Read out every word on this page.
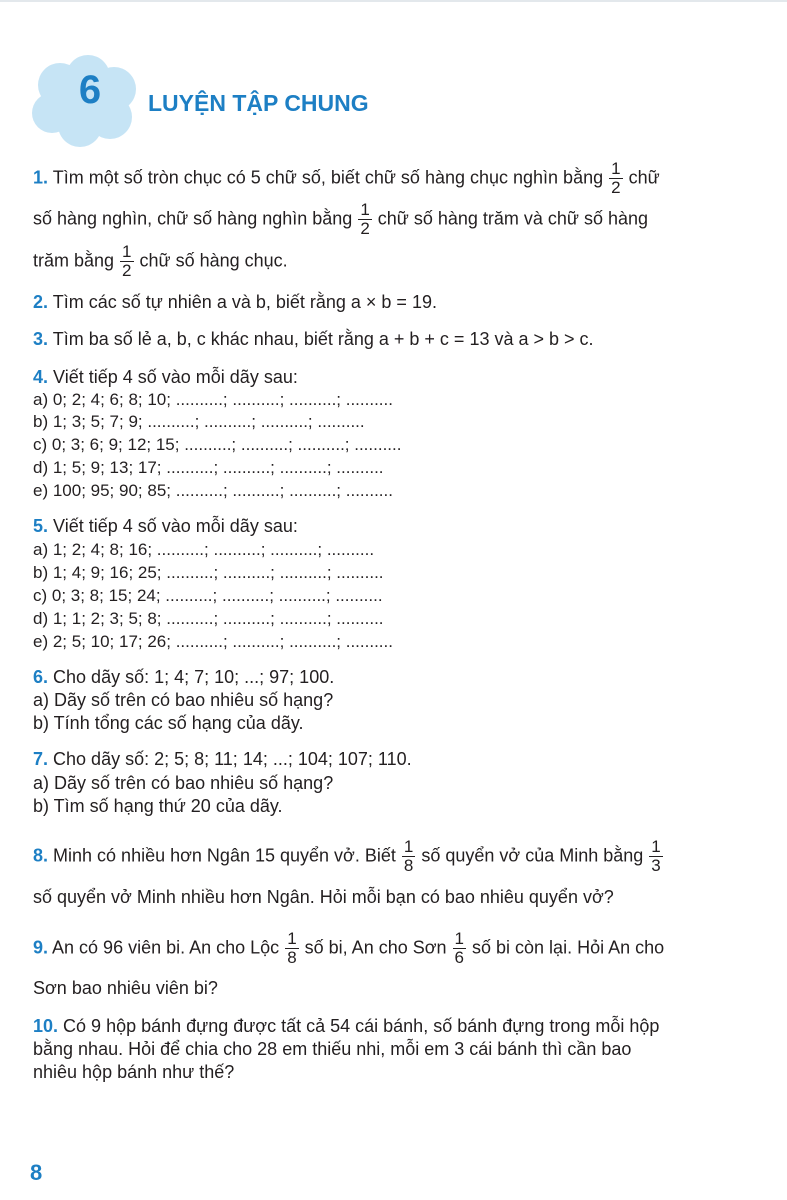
6	LUYỆN TẬP CHUNG
1. Tìm một số tròn chục có 5 chữ số, biết chữ số hàng chục nghìn bằng $\frac{1}{2}$ chữ
số hàng nghìn, chữ số hàng nghìn bằng $\frac{1}{2}$ chữ số hàng trăm và chữ số hàng
trăm bằng $\frac{1}{2}$ chữ số hàng chục.
2. Tìm các số tự nhiên a và b, biết rằng a × b = 19.
3. Tìm ba số lẻ a, b, c khác nhau, biết rằng a + b + c = 13 và a > b > c.
4. Viết tiếp 4 số vào mỗi dãy sau:
a) 0; 2; 4; 6; 8; 10; ..........; ..........; ..........; ..........
b) 1; 3; 5; 7; 9; ..........; ..........; ..........; ..........
c) 0; 3; 6; 9; 12; 15; ..........; ..........; ..........; ..........
d) 1; 5; 9; 13; 17; ..........; ..........; ..........; ..........
e) 100; 95; 90; 85; ..........; ..........; ..........; ..........
5. Viết tiếp 4 số vào mỗi dãy sau:
a) 1; 2; 4; 8; 16; ..........; ..........; ..........; ..........
b) 1; 4; 9; 16; 25; ..........; ..........; ..........; ..........
c) 0; 3; 8; 15; 24; ..........; ..........; ..........; ..........
d) 1; 1; 2; 3; 5; 8; ..........; ..........; ..........; ..........
e) 2; 5; 10; 17; 26; ..........; ..........; ..........; ..........
6. Cho dãy số: 1; 4; 7; 10; ...; 97; 100.
a) Dãy số trên có bao nhiêu số hạng?
b) Tính tổng các số hạng của dãy.
7. Cho dãy số: 2; 5; 8; 11; 14; ...; 104; 107; 110.
a) Dãy số trên có bao nhiêu số hạng?
b) Tìm số hạng thứ 20 của dãy.
8. Minh có nhiều hơn Ngân 15 quyển vở. Biết $\frac{1}{8}$ số quyển vở của Minh bằng $\frac{1}{3}$
số quyển vở Minh nhiều hơn Ngân. Hỏi mỗi bạn có bao nhiêu quyển vở?
9. An có 96 viên bi. An cho Lộc $\frac{1}{8}$ số bi, An cho Sơn $\frac{1}{6}$ số bi còn lại. Hỏi An cho
Sơn bao nhiêu viên bi?
10. Có 9 hộp bánh đựng được tất cả 54 cái bánh, số bánh đựng trong mỗi hộp
bằng nhau. Hỏi để chia cho 28 em thiếu nhi, mỗi em 3 cái bánh thì cần bao
nhiêu hộp bánh như thế?
8
